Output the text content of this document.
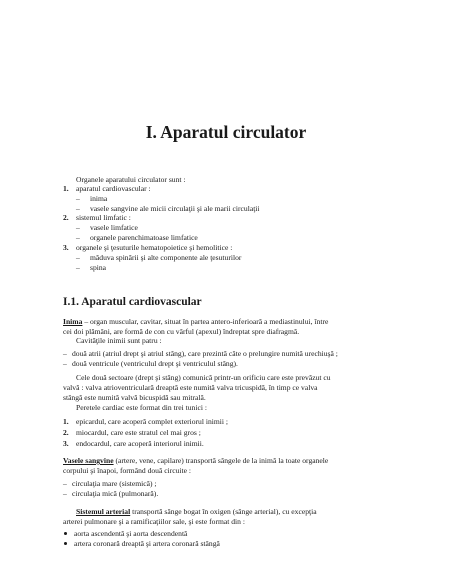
I. Aparatul circulator
Organele aparatului circulator sunt :
1. aparatul cardiovascular :
– inima
– vasele sangvine ale micii circulaţii şi ale marii circulaţii
2. sistemul limfatic :
– vasele limfatice
– organele parenchimatoase limfatice
3. organele şi ţesuturile hematopoietice şi hemolitice :
– măduva spinării şi alte componente ale ţesuturilor
– spina
I.1. Aparatul cardiovascular
Inima – organ muscular, cavitar, situat în partea antero-inferioară a mediastinului, între
cei doi plămâni, are formă de con cu vârful (apexul) îndreptat spre diafragmă.
Cavităţile inimii sunt patru :
– două atrii (atriul drept şi atriul stâng), care prezintă câte o prelungire numită urechiuşă ;
– două ventricule (ventriculul drept şi ventriculul stâng).
Cele două sectoare (drept şi stâng) comunică printr-un orificiu care este prevăzut cu
valvă : valva atrioventriculară dreaptă este numită valva tricuspidă, în timp ce valva
stângă este numită valvă bicuspidă sau mitrală.
Peretele cardiac este format din trei tunici :
1. epicardul, care acoperă complet exteriorul inimii ;
2. miocardul, care este stratul cel mai gros ;
3. endocardul, care acoperă interiorul inimii.
Vasele sangvine (artere, vene, capilare) transportă sângele de la inimă la toate organele
corpului şi înapoi, formând două circuite :
– circulaţia mare (sistemică) ;
– circulaţia mică (pulmonară).
Sistemul arterial transportă sânge bogat în oxigen (sânge arterial), cu excepţia
arterei pulmonare şi a ramificaţiilor sale, şi este format din :
aorta ascendentă şi aorta descendentă
artera coronară dreaptă şi artera coronară stângă
